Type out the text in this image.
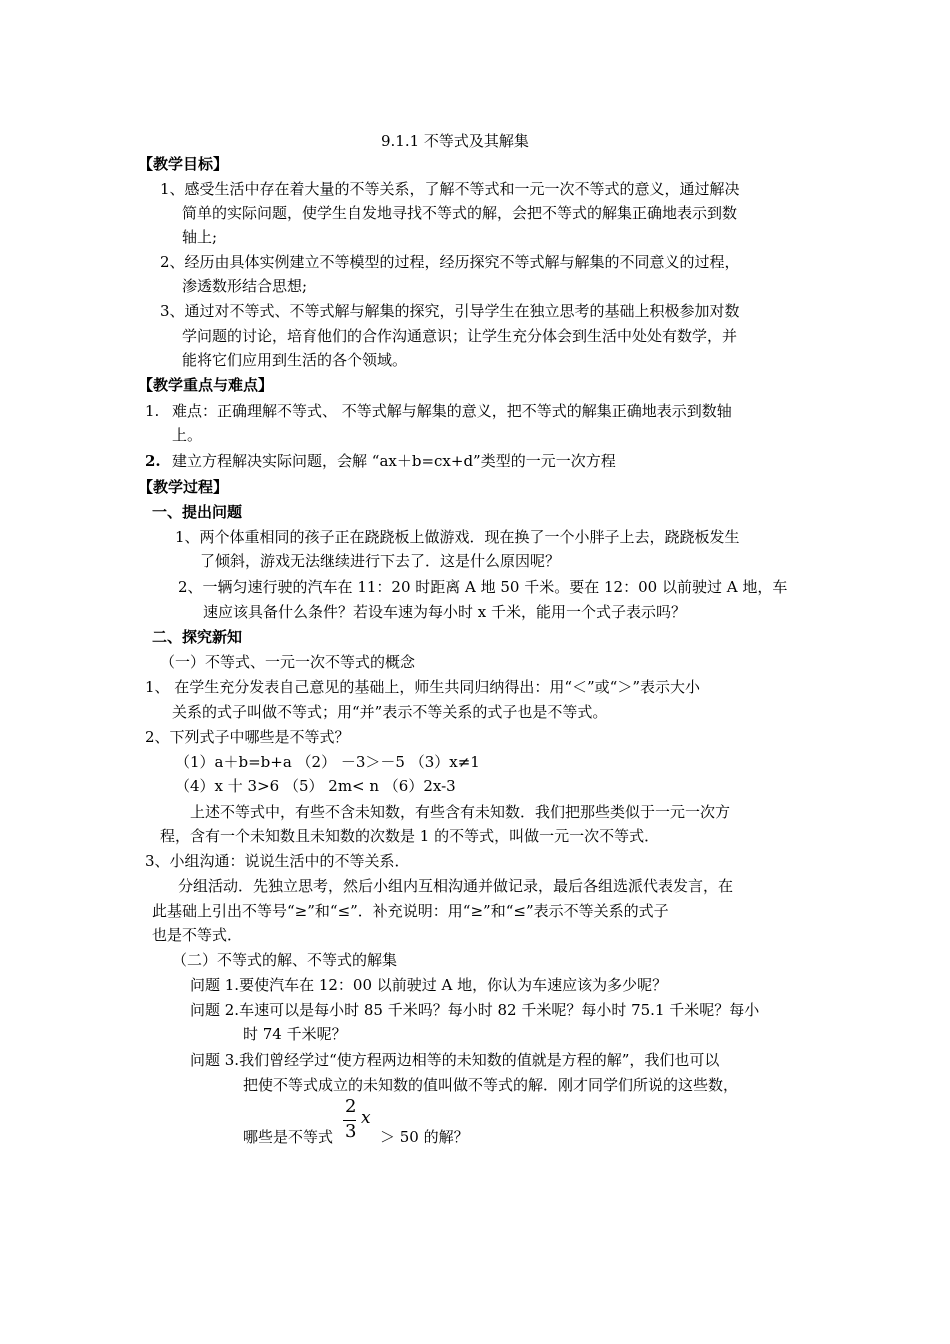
9.1.1 不等式及其解集
【教学目标】
1、感受生活中存在着大量的不等关系，了解不等式和一元一次不等式的意义，通过解决
简单的实际问题，使学生自发地寻找不等式的解，会把不等式的解集正确地表示到数
轴上;
2、经历由具体实例建立不等模型的过程，经历探究不等式解与解集的不同意义的过程，
渗透数形结合思想;
3、通过对不等式、不等式解与解集的探究，引导学生在独立思考的基础上积极参加对数
学问题的讨论，培育他们的合作沟通意识；让学生充分体会到生活中处处有数学，并
能将它们应用到生活的各个领域。
【教学重点与难点】
1. 难点：正确理解不等式、 不等式解与解集的意义，把不等式的解集正确地表示到数轴
上。
2. 建立方程解决实际问题，会解 “ax＋b=cx+d”类型的一元一次方程
【教学过程】
一、提出问题
1、两个体重相同的孩子正在跷跷板上做游戏．现在换了一个小胖子上去，跷跷板发生
了倾斜，游戏无法继续进行下去了．这是什么原因呢？
2、一辆匀速行驶的汽车在 11：20 时距离 A 地 50 千米。要在 12：00 以前驶过 A 地，车
速应该具备什么条件？若设车速为每小时 x 千米，能用一个式子表示吗？
二、探究新知
（一）不等式、一元一次不等式的概念
1、 在学生充分发表自己意见的基础上，师生共同归纳得出：用“＜”或“＞”表示大小
关系的式子叫做不等式；用“并”表示不等关系的式子也是不等式。
2、下列式子中哪些是不等式？
（1）a＋b=b+a （2） －3＞－5 （3）x≠1
（4）x 十 3>6 （5） 2m< n （6）2x-3
上述不等式中，有些不含未知数，有些含有未知数．我们把那些类似于一元一次方
程，含有一个未知数且未知数的次数是 1 的不等式，叫做一元一次不等式．
3、小组沟通：说说生活中的不等关系．
分组活动．先独立思考，然后小组内互相沟通并做记录，最后各组选派代表发言，在
此基础上引出不等号“≥”和“≤”．补充说明：用“≥”和“≤”表示不等关系的式子
也是不等式．
（二）不等式的解、不等式的解集
问题 1.要使汽车在 12：00 以前驶过 A 地，你认为车速应该为多少呢？
问题 2.车速可以是每小时 85 千米吗？每小时 82 千米呢？每小时 75.1 千米呢？每小
时 74 千米呢？
问题 3.我们曾经学过“使方程两边相等的未知数的值就是方程的解”，我们也可以
把使不等式成立的未知数的值叫做不等式的解．刚才同学们所说的这些数，
哪些是不等式
2
3
x
＞ 50 的解？
